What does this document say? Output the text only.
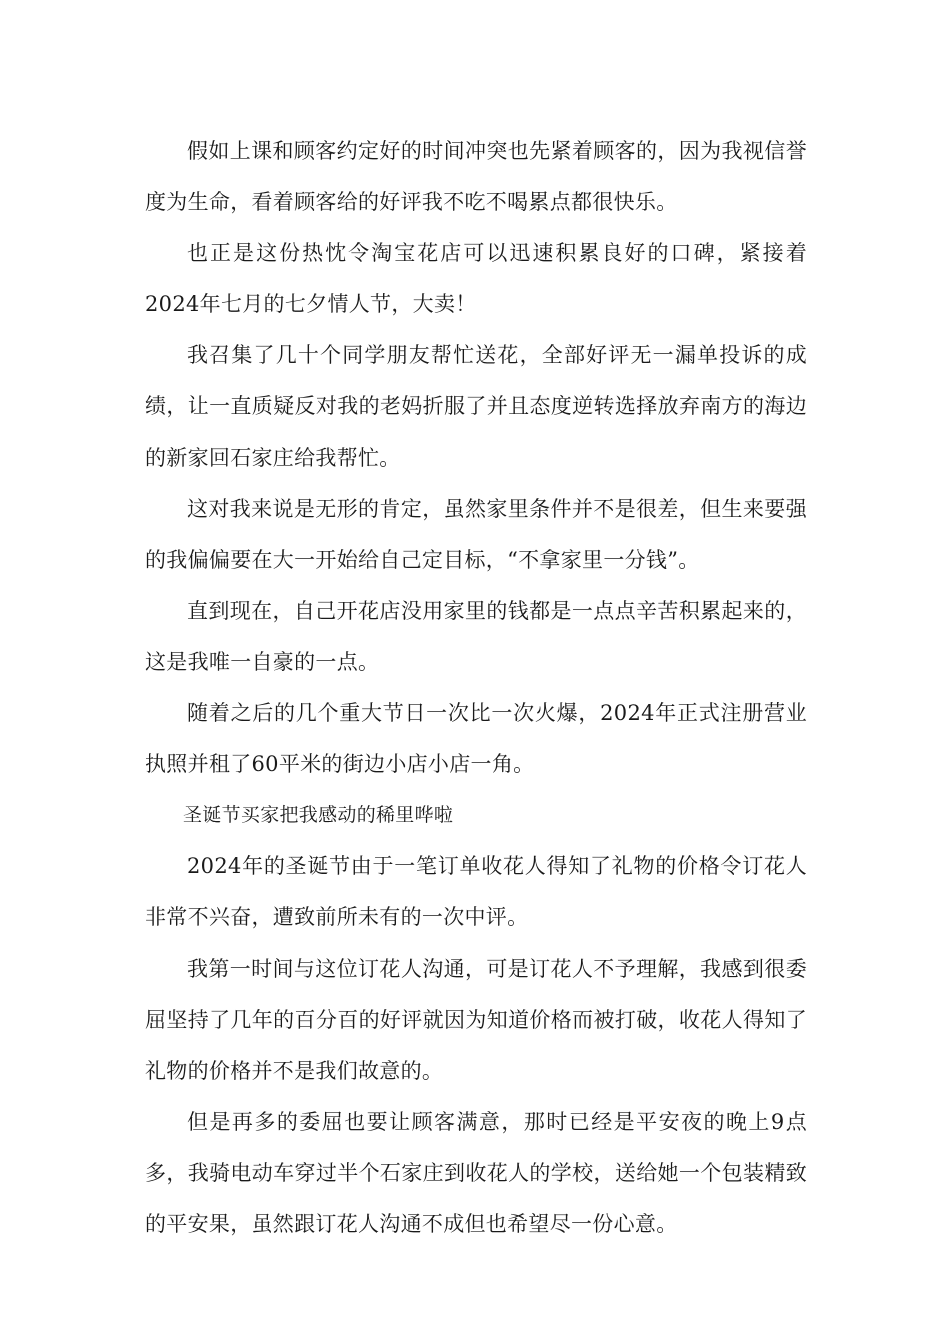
假如上课和顾客约定好的时间冲突也先紧着顾客的，因为我视信誉度为生命，看着顾客给的好评我不吃不喝累点都很快乐。

也正是这份热忱令淘宝花店可以迅速积累良好的口碑，紧接着2024年七月的七夕情人节，大卖！

我召集了几十个同学朋友帮忙送花，全部好评无一漏单投诉的成绩，让一直质疑反对我的老妈折服了并且态度逆转选择放弃南方的海边的新家回石家庄给我帮忙。

这对我来说是无形的肯定，虽然家里条件并不是很差，但生来要强的我偏偏要在大一开始给自己定目标，“不拿家里一分钱”。

直到现在，自己开花店没用家里的钱都是一点点辛苦积累起来的，这是我唯一自豪的一点。

随着之后的几个重大节日一次比一次火爆，2024年正式注册营业执照并租了60平米的街边小店小店一角。

圣诞节买家把我感动的稀里哗啦

2024年的圣诞节由于一笔订单收花人得知了礼物的价格令订花人非常不兴奋，遭致前所未有的一次中评。

我第一时间与这位订花人沟通，可是订花人不予理解，我感到很委屈坚持了几年的百分百的好评就因为知道价格而被打破，收花人得知了礼物的价格并不是我们故意的。

但是再多的委屈也要让顾客满意，那时已经是平安夜的晚上9点多，我骑电动车穿过半个石家庄到收花人的学校，送给她一个包装精致的平安果，虽然跟订花人沟通不成但也希望尽一份心意。
